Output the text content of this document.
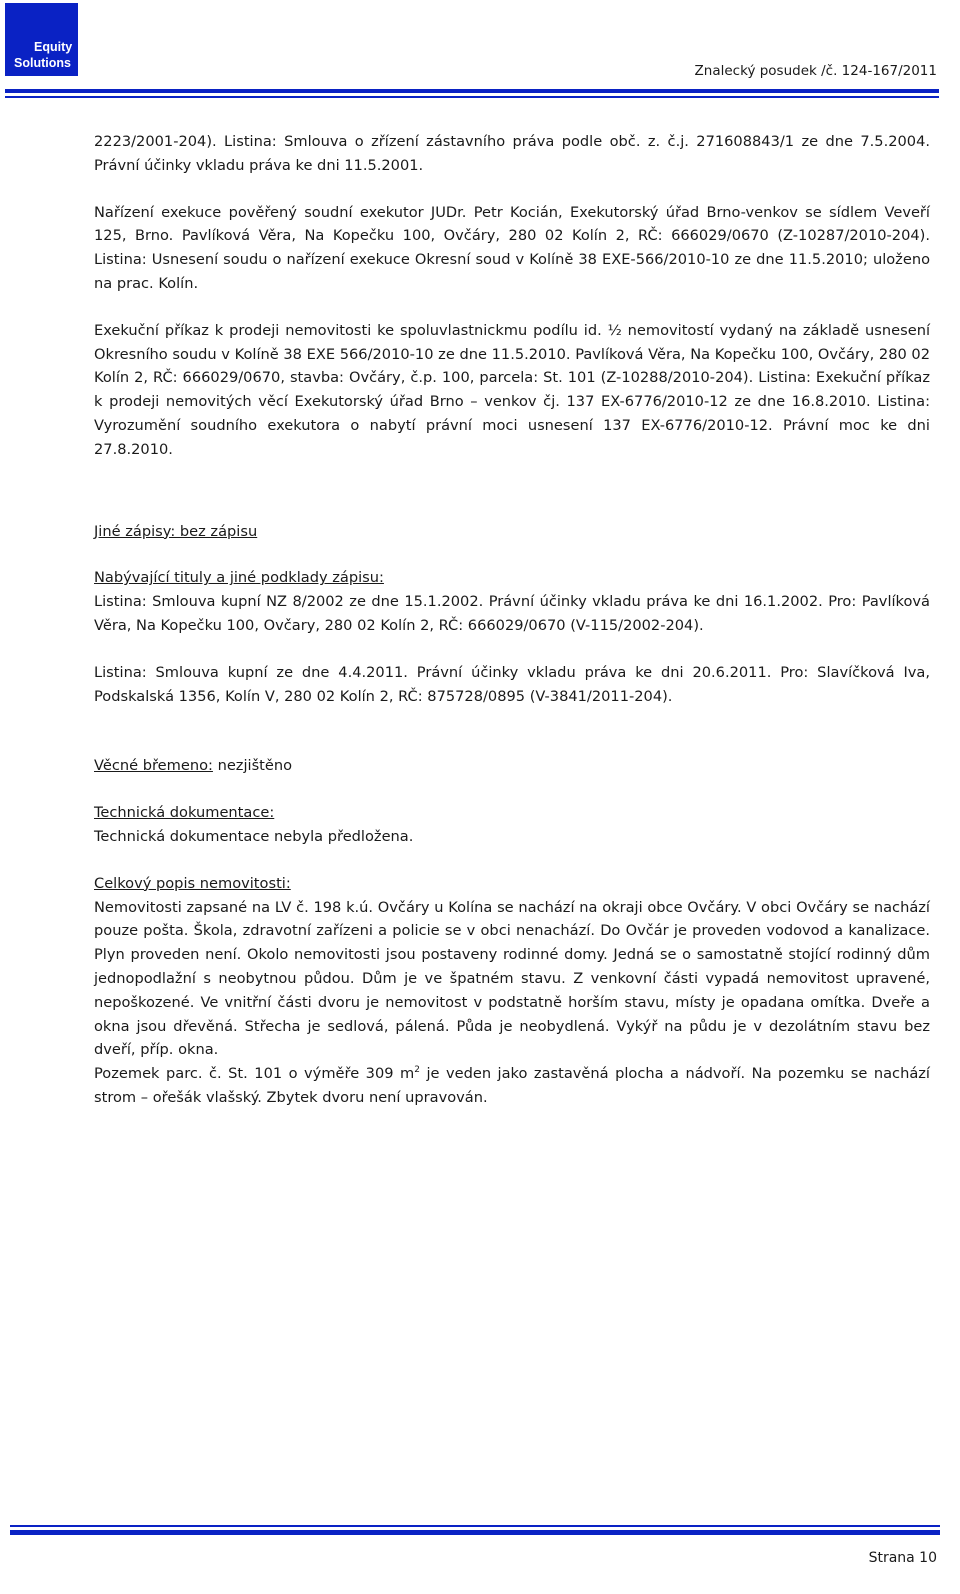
Equity
Solutions	Znalecký posudek /č. 124-167/2011

2223/2001-204). Listina: Smlouva o zřízení zástavního práva podle obč. z. č.j. 271608843/1 ze dne 7.5.2004. Právní účinky vkladu práva ke dni 11.5.2001.

Nařízení exekuce pověřený soudní exekutor JUDr. Petr Kocián, Exekutorský úřad Brno-venkov se sídlem Veveří 125, Brno. Pavlíková Věra, Na Kopečku 100, Ovčáry, 280 02 Kolín 2, RČ: 666029/0670 (Z-10287/2010-204). Listina: Usnesení soudu o nařízení exekuce Okresní soud v Kolíně 38 EXE-566/2010-10 ze dne 11.5.2010; uloženo na prac. Kolín.

Exekuční příkaz k prodeji nemovitosti ke spoluvlastnickmu podílu id. ½ nemovitostí vydaný na základě usnesení Okresního soudu v Kolíně 38 EXE 566/2010-10 ze dne 11.5.2010. Pavlíková Věra, Na Kopečku 100, Ovčáry, 280 02 Kolín 2, RČ: 666029/0670, stavba: Ovčáry, č.p. 100, parcela: St. 101 (Z-10288/2010-204). Listina: Exekuční příkaz k prodeji nemovitých věcí Exekutorský úřad Brno – venkov čj. 137 EX-6776/2010-12 ze dne 16.8.2010. Listina: Vyrozumění soudního exekutora o nabytí právní moci usnesení 137 EX-6776/2010-12. Právní moc ke dni 27.8.2010.

Jiné zápisy: bez zápisu

Nabývající tituly a jiné podklady zápisu:

Listina: Smlouva kupní NZ 8/2002 ze dne 15.1.2002. Právní účinky vkladu práva ke dni 16.1.2002. Pro: Pavlíková Věra, Na Kopečku 100, Ovčary, 280 02 Kolín 2, RČ: 666029/0670 (V-115/2002-204).

Listina: Smlouva kupní ze dne 4.4.2011. Právní účinky vkladu práva ke dni 20.6.2011. Pro: Slavíčková Iva, Podskalská 1356, Kolín V, 280 02 Kolín 2, RČ: 875728/0895 (V-3841/2011-204).

Věcné břemeno: nezjištěno

Technická dokumentace:

Technická dokumentace nebyla předložena.

Celkový popis nemovitosti:

Nemovitosti zapsané na LV č. 198 k.ú. Ovčáry u Kolína se nachází na okraji obce Ovčáry. V obci Ovčáry se nachází pouze pošta. Škola, zdravotní zařízeni a policie se v obci nenachází. Do Ovčár je proveden vodovod a kanalizace. Plyn proveden není. Okolo nemovitosti jsou postaveny rodinné domy. Jedná se o samostatně stojící rodinný dům jednopodlažní s neobytnou půdou. Dům je ve špatném stavu. Z venkovní části vypadá nemovitost upravené, nepoškozené. Ve vnitřní části dvoru je nemovitost v podstatně horším stavu, místy je opadana omítka. Dveře a okna jsou dřevěná. Střecha je sedlová, pálená. Půda je neobydlená. Vykýř na půdu je v dezolátním stavu bez dveří, příp. okna.

Pozemek parc. č. St. 101 o výměře 309 $m^2$ je veden jako zastavěná plocha a nádvoří. Na pozemku se nachází strom – ořešák vlašský. Zbytek dvoru není upravován.

Strana 10
